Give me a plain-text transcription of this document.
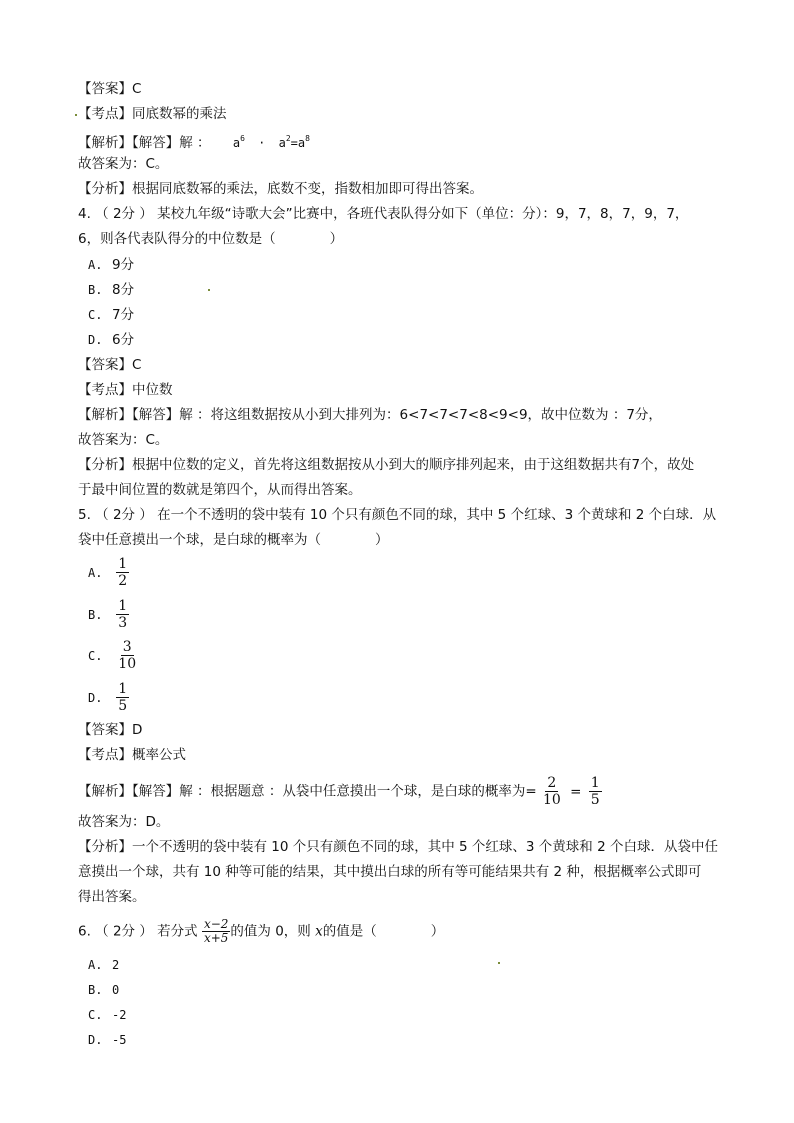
【答案】C
【考点】同底数幂的乘法
【解析】【解答】解 ： $a^6 \cdot a^2=a^8$
故答案为：C。
【分析】根据同底数幂的乘法，底数不变，指数相加即可得出答案。
4. （ 2分 ） 某校九年级“诗歌大会”比赛中，各班代表队得分如下（单位：分）：9，7，8，7，9，7，
6，则各代表队得分的中位数是（　　　　）
A. 9分
B. 8分
C. 7分
D. 6分
【答案】C
【考点】中位数
【解析】【解答】解 ：将这组数据按从小到大排列为：6<7<7<7<8<9<9，故中位数为 ：7分，
故答案为：C。
【分析】根据中位数的定义，首先将这组数据按从小到大的顺序排列起来，由于这组数据共有7个，故处
于最中间位置的数就是第四个，从而得出答案。
5. （ 2分 ） 在一个不透明的袋中装有 10 个只有颜色不同的球，其中 5 个红球、3 个黄球和 2 个白球．从
袋中任意摸出一个球，是白球的概率为（　　　　）
A. $\frac{1}{2}$
B. $\frac{1}{3}$
C. $\frac{3}{10}$
D. $\frac{1}{5}$
【答案】D
【考点】概率公式
【解析】【解答】解 ：根据题意 ：从袋中任意摸出一个球，是白球的概率为= $\frac{2}{10} = \frac{1}{5}$
故答案为：D。
【分析】一个不透明的袋中装有 10 个只有颜色不同的球，其中 5 个红球、3 个黄球和 2 个白球．从袋中任
意摸出一个球，共有 10 种等可能的结果，其中摸出白球的所有等可能结果共有 2 种，根据概率公式即可
得出答案。
6. （ 2分 ） 若分式 $\frac{x-2}{x+5}$ 的值为 0，则 x的值是（　　　　）
A. 2
B. 0
C. -2
D. -5
